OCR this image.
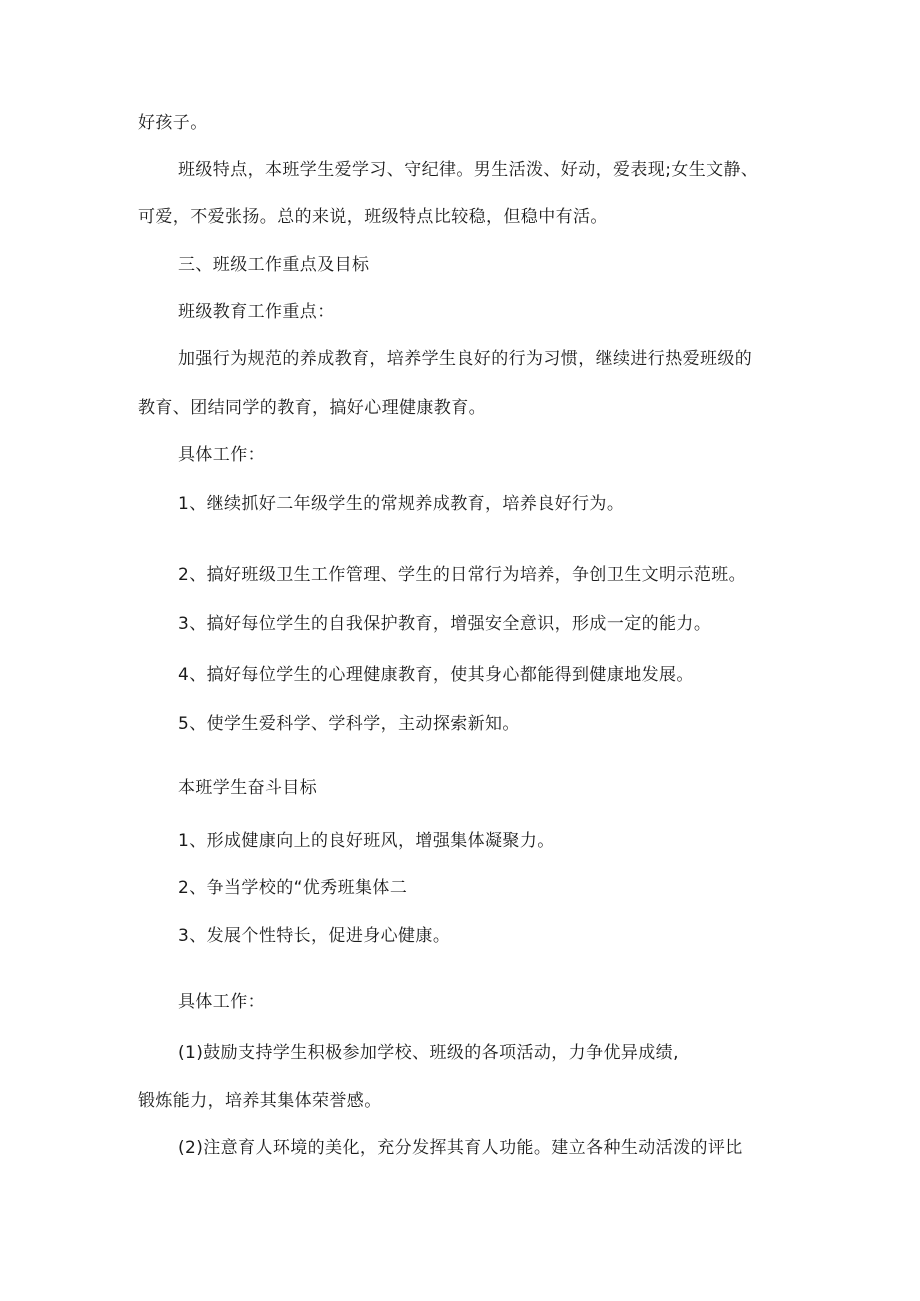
好孩子。
班级特点，本班学生爱学习、守纪律。男生活泼、好动，爱表现;女生文静、
可爱，不爱张扬。总的来说，班级特点比较稳，但稳中有活。
三、班级工作重点及目标
班级教育工作重点：
加强行为规范的养成教育，培养学生良好的行为习惯，继续进行热爱班级的
教育、团结同学的教育，搞好心理健康教育。
具体工作：
1、继续抓好二年级学生的常规养成教育，培养良好行为。
2、搞好班级卫生工作管理、学生的日常行为培养，争创卫生文明示范班。
3、搞好每位学生的自我保护教育，增强安全意识，形成一定的能力。
4、搞好每位学生的心理健康教育，使其身心都能得到健康地发展。
5、使学生爱科学、学科学，主动探索新知。
本班学生奋斗目标
1、形成健康向上的良好班风，增强集体凝聚力。
2、争当学校的“优秀班集体二
3、发展个性特长，促进身心健康。
具体工作：
(1)鼓励支持学生积极参加学校、班级的各项活动，力争优异成绩,
锻炼能力，培养其集体荣誉感。
(2)注意育人环境的美化，充分发挥其育人功能。建立各种生动活泼的评比
